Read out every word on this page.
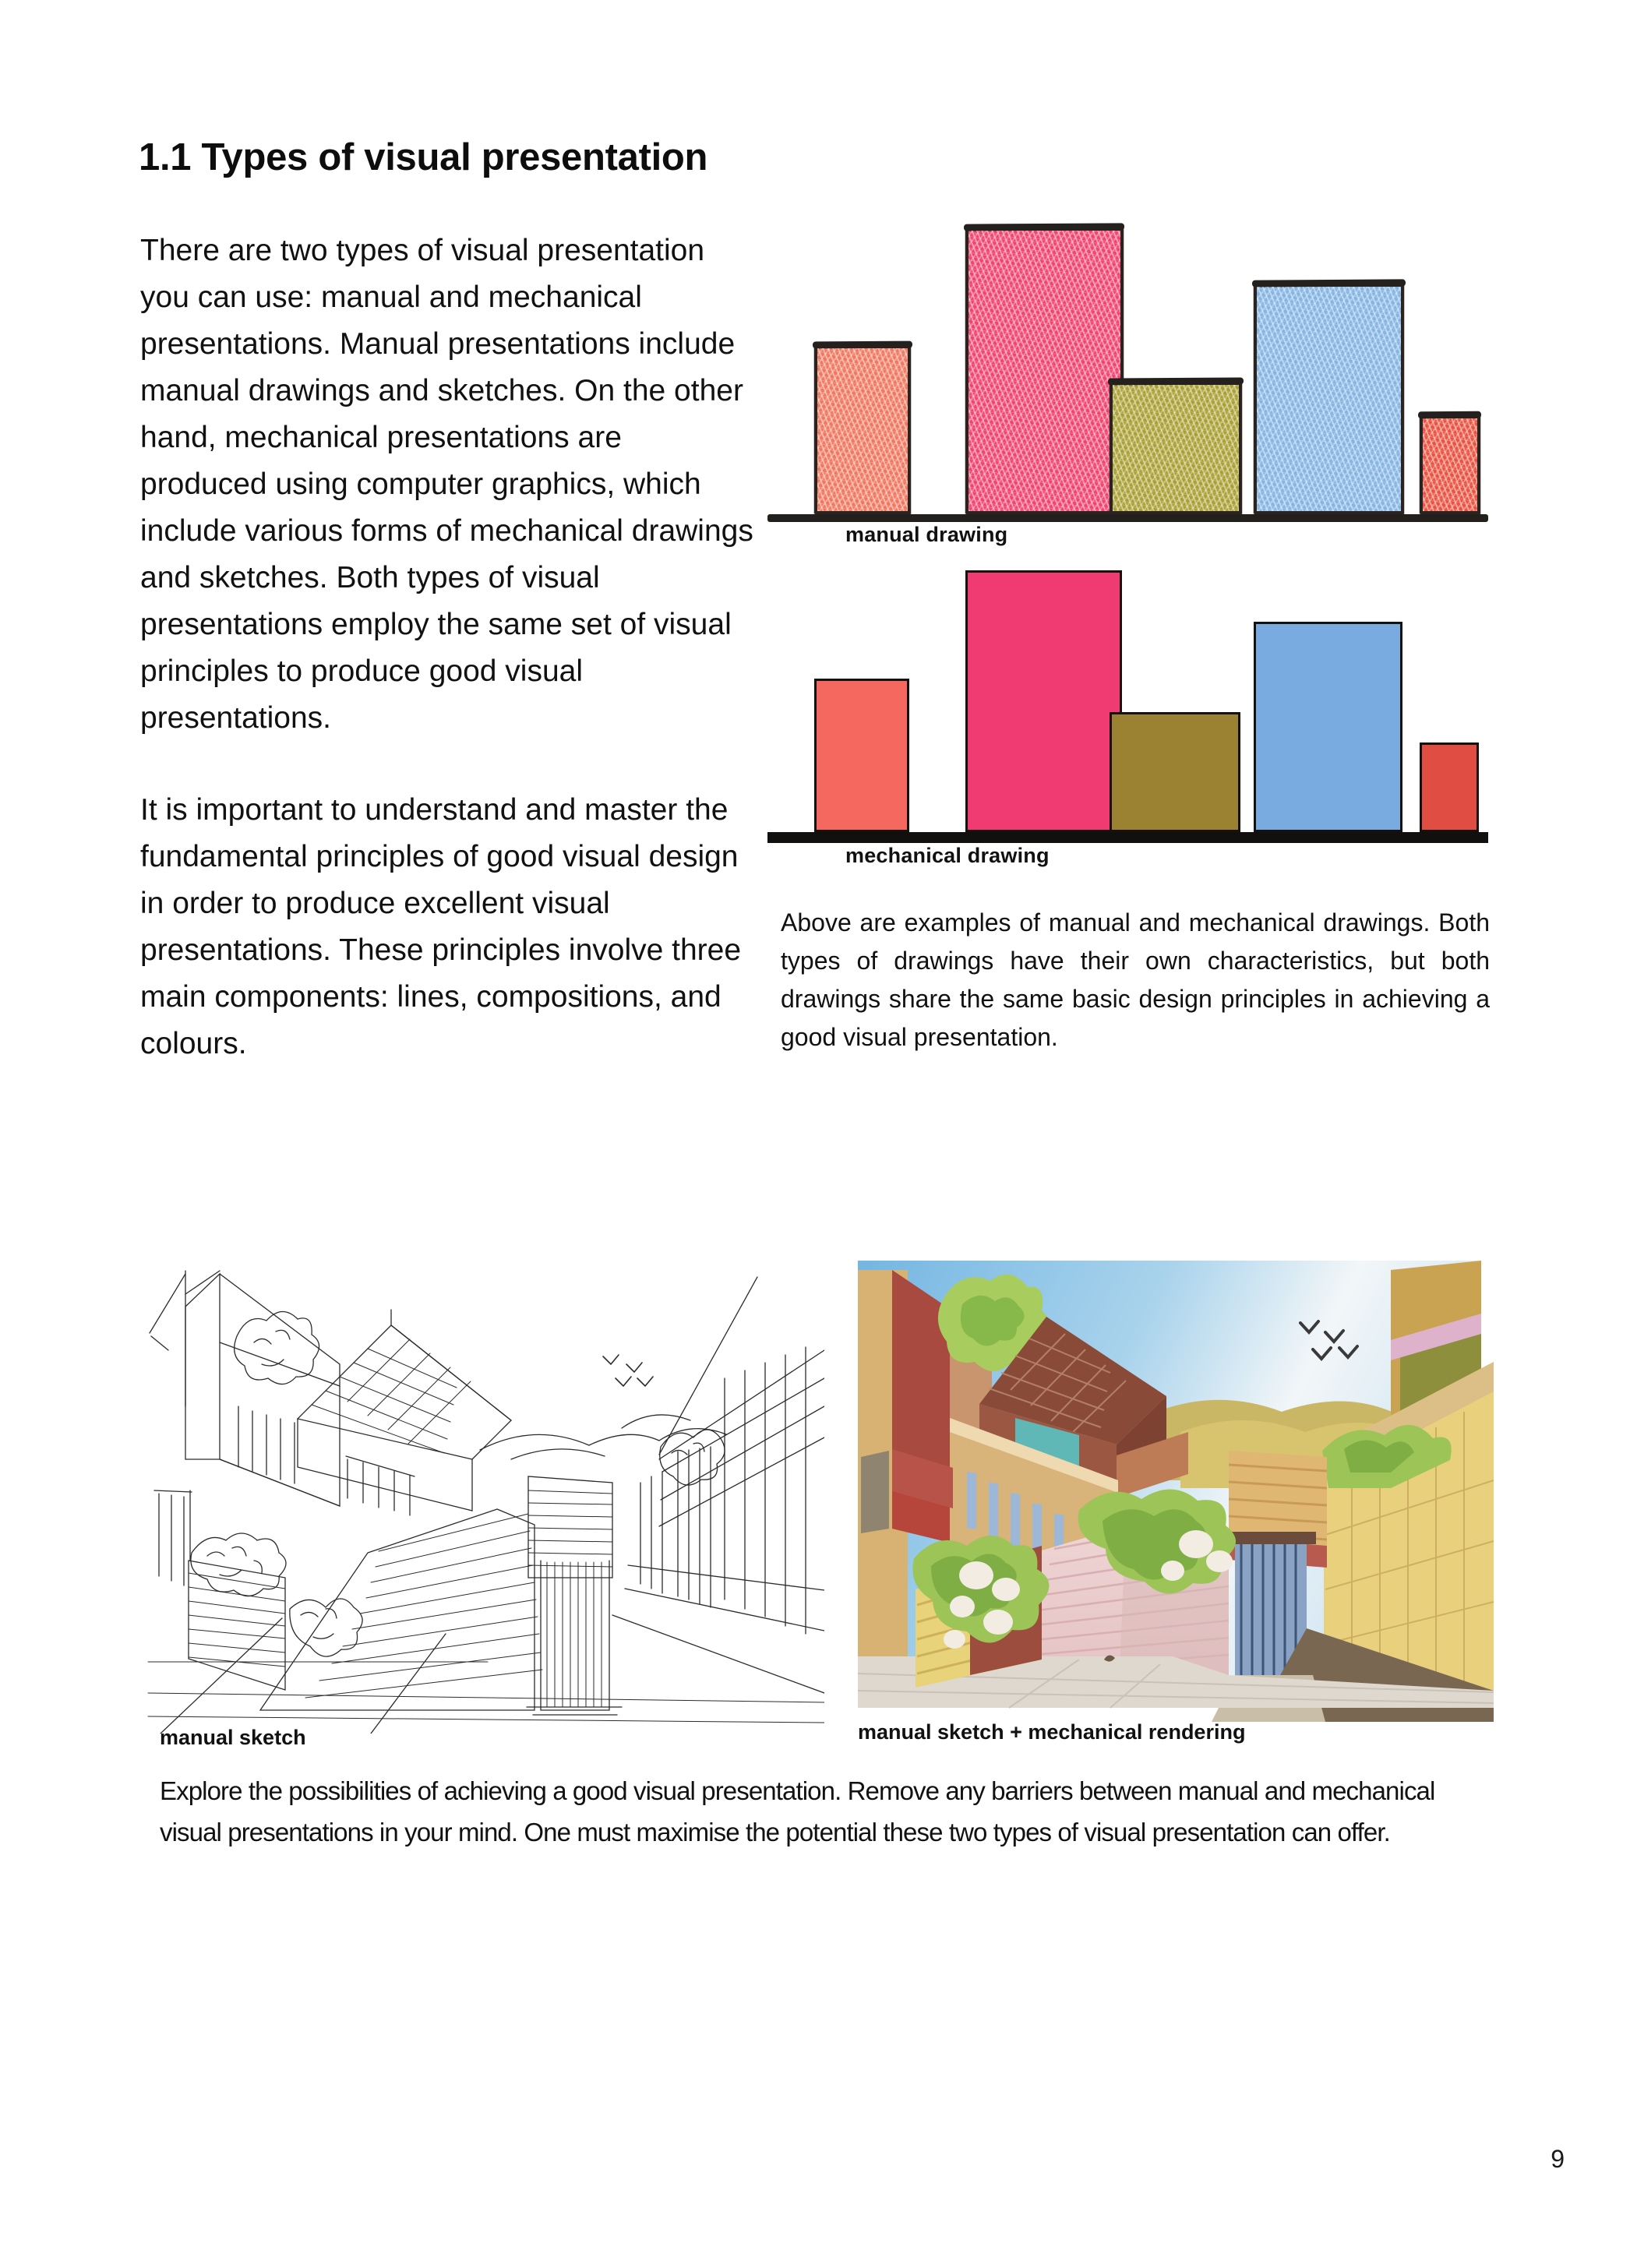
1.1 Types of visual presentation

There are two types of visual presentation you can use: manual and mechanical presentations. Manual presentations include manual drawings and sketches. On the other hand, mechanical presentations are produced using computer graphics, which include various forms of mechanical drawings and sketches. Both types of visual presentations employ the same set of visual principles to produce good visual presentations.

It is important to understand and master the fundamental principles of good visual design in order to produce excellent visual presentations. These principles involve three main components: lines, compositions, and colours.

manual drawing
mechanical drawing
Above are examples of manual and mechanical drawings. Both types of drawings have their own characteristics, but both drawings share the same basic design principles in achieving a good visual presentation.
manual sketch	manual sketch + mechanical rendering
Explore the possibilities of achieving a good visual presentation. Remove any barriers between manual and mechanical visual presentations in your mind. One must maximise the potential these two types of visual presentation can offer.
9
